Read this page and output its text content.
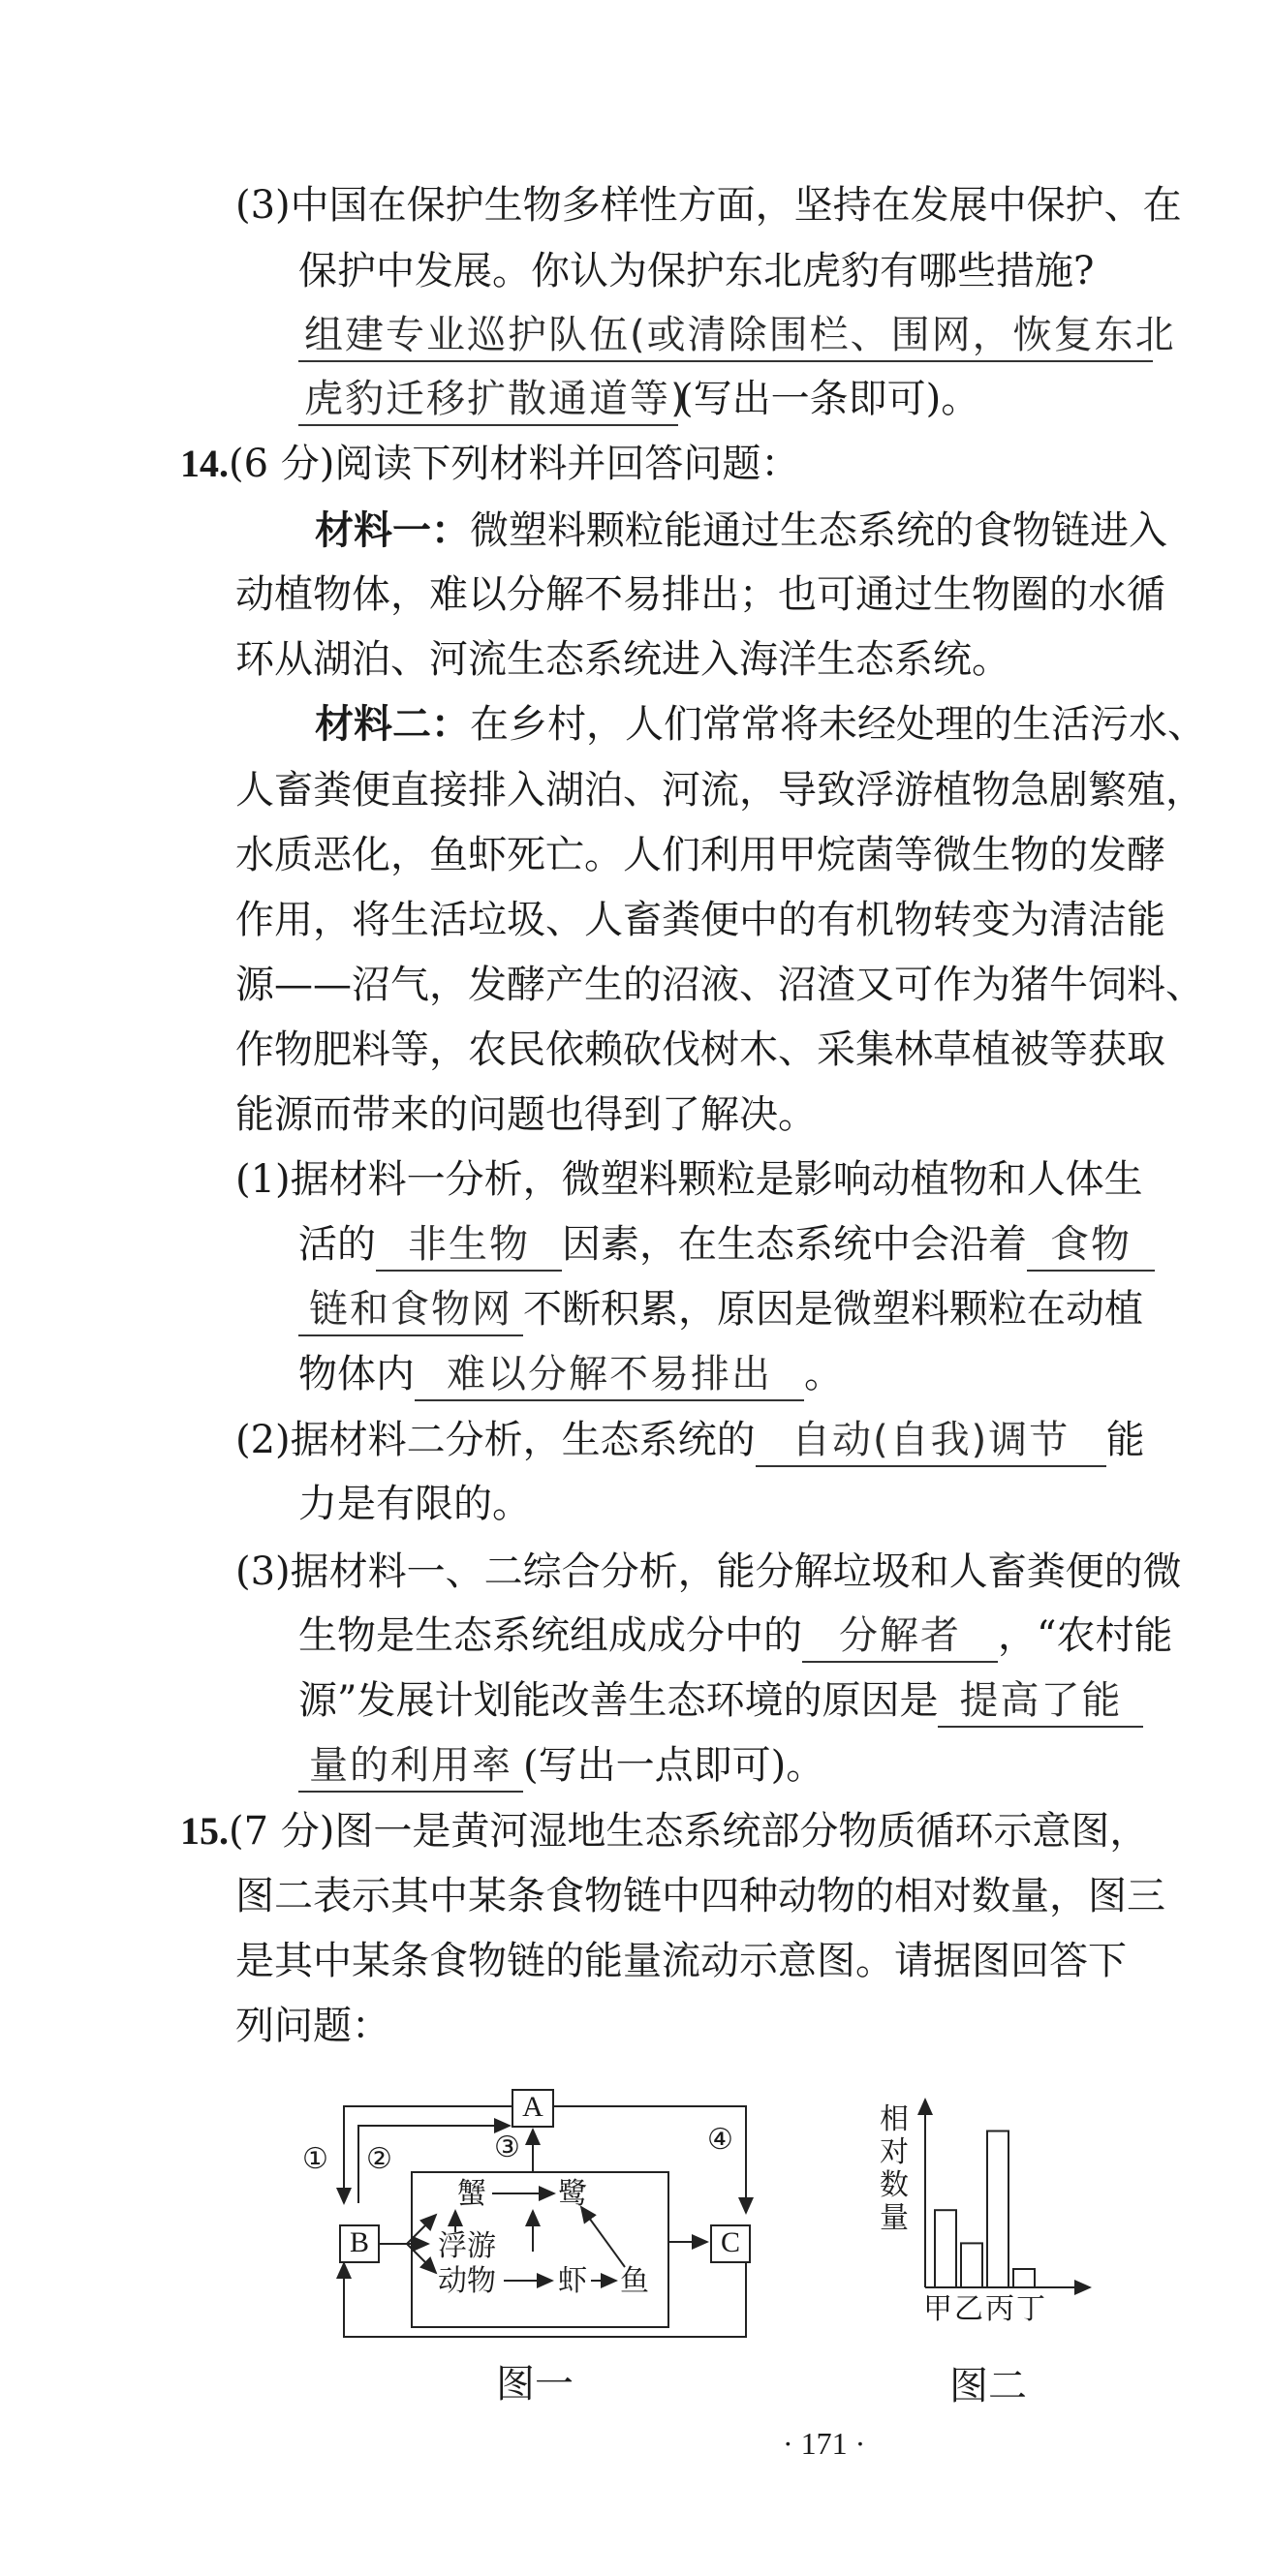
(3)中国在保护生物多样性方面，坚持在发展中保护、在
保护中发展。你认为保护东北虎豹有哪些措施?
组建专业巡护队伍(或清除围栏、围网，恢复东北
虎豹迁移扩散通道等)(写出一条即可)。
14.(6 分)阅读下列材料并回答问题：
材料一：微塑料颗粒能通过生态系统的食物链进入
动植物体，难以分解不易排出；也可通过生物圈的水循
环从湖泊、河流生态系统进入海洋生态系统。
材料二：在乡村，人们常常将未经处理的生活污水、
人畜粪便直接排入湖泊、河流，导致浮游植物急剧繁殖，
水质恶化，鱼虾死亡。人们利用甲烷菌等微生物的发酵
作用，将生活垃圾、人畜粪便中的有机物转变为清洁能
源——沼气，发酵产生的沼液、沼渣又可作为猪牛饲料、
作物肥料等，农民依赖砍伐树木、采集林草植被等获取
能源而带来的问题也得到了解决。
(1)据材料一分析，微塑料颗粒是影响动植物和人体生
活的 非生物 因素，在生态系统中会沿着 食物
链和食物网 不断积累，原因是微塑料颗粒在动植
物体内 难以分解不易排出 。
(2)据材料二分析，生态系统的 自动(自我)调节 能
力是有限的。
(3)据材料一、二综合分析，能分解垃圾和人畜粪便的微
生物是生态系统组成成分中的 分解者 ，“农村能
源”发展计划能改善生态环境的原因是 提高了能
量的利用率 (写出一点即可)。
15.(7 分)图一是黄河湿地生态系统部分物质循环示意图，
图二表示其中某条食物链中四种动物的相对数量，图三
是其中某条食物链的能量流动示意图。请据图回答下
列问题：
A
B	C
① ②	③	④
蟹 鹭
浮游
动物 虾 鱼
图一
相对数量
甲乙丙丁
图二
· 171 ·
